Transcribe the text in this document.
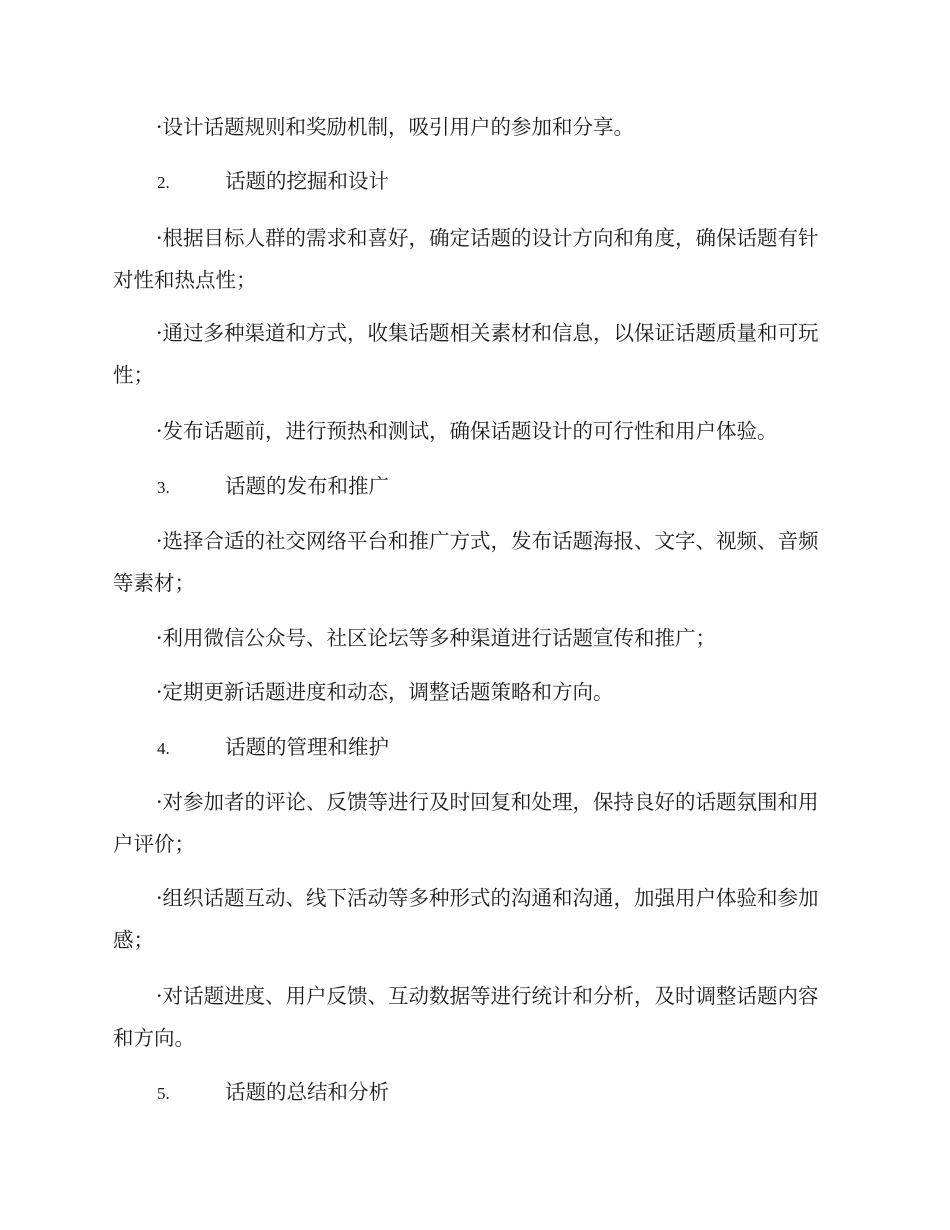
·设计话题规则和奖励机制，吸引用户的参加和分享。

2.	话题的挖掘和设计

·根据目标人群的需求和喜好，确定话题的设计方向和角度，确保话题有针对性和热点性；

·通过多种渠道和方式，收集话题相关素材和信息，以保证话题质量和可玩性；

·发布话题前，进行预热和测试，确保话题设计的可行性和用户体验。

3.	话题的发布和推广

·选择合适的社交网络平台和推广方式，发布话题海报、文字、视频、音频等素材；

·利用微信公众号、社区论坛等多种渠道进行话题宣传和推广；

·定期更新话题进度和动态，调整话题策略和方向。

4.	话题的管理和维护

·对参加者的评论、反馈等进行及时回复和处理，保持良好的话题氛围和用户评价；

·组织话题互动、线下活动等多种形式的沟通和沟通，加强用户体验和参加感；

·对话题进度、用户反馈、互动数据等进行统计和分析，及时调整话题内容和方向。

5.	话题的总结和分析
